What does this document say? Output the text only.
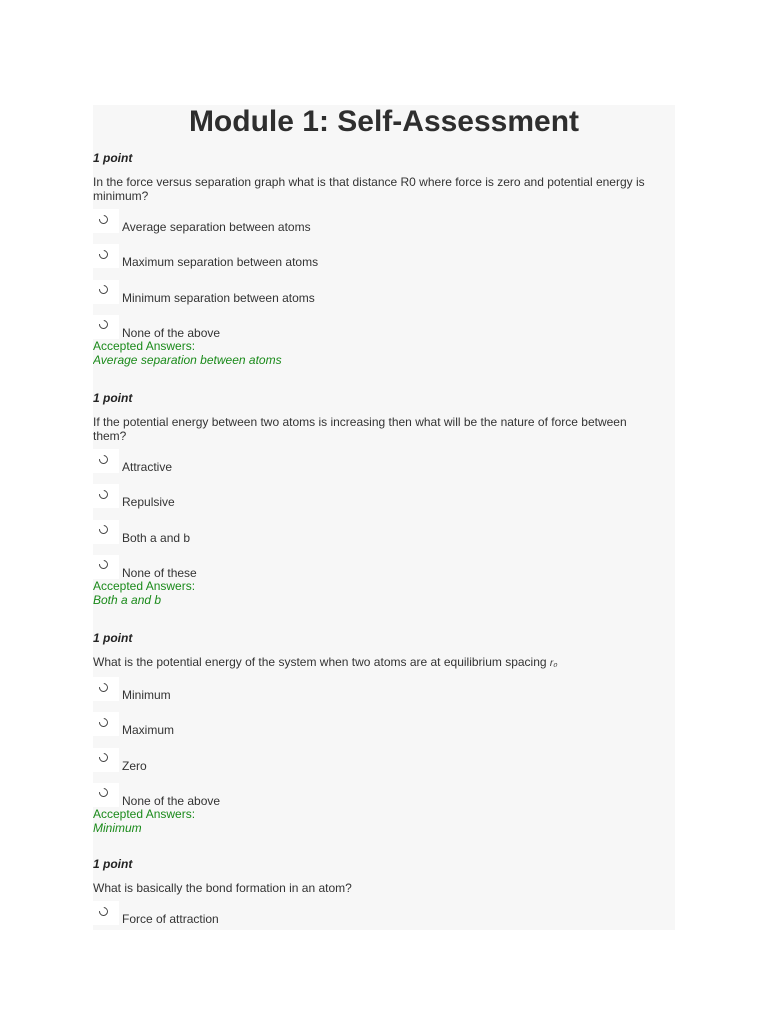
Module 1: Self-Assessment
1 point
In the force versus separation graph what is that distance R0 where force is zero and potential energy is minimum?
Average separation between atoms
Maximum separation between atoms
Minimum separation between atoms
None of the above
Accepted Answers:
Average separation between atoms
1 point
If the potential energy between two atoms is increasing then what will be the nature of force between them?
Attractive
Repulsive
Both a and b
None of these
Accepted Answers:
Both a and b
1 point
What is the potential energy of the system when two atoms are at equilibrium spacing r₀
Minimum
Maximum
Zero
None of the above
Accepted Answers:
Minimum
1 point
What is basically the bond formation in an atom?
Force of attraction
